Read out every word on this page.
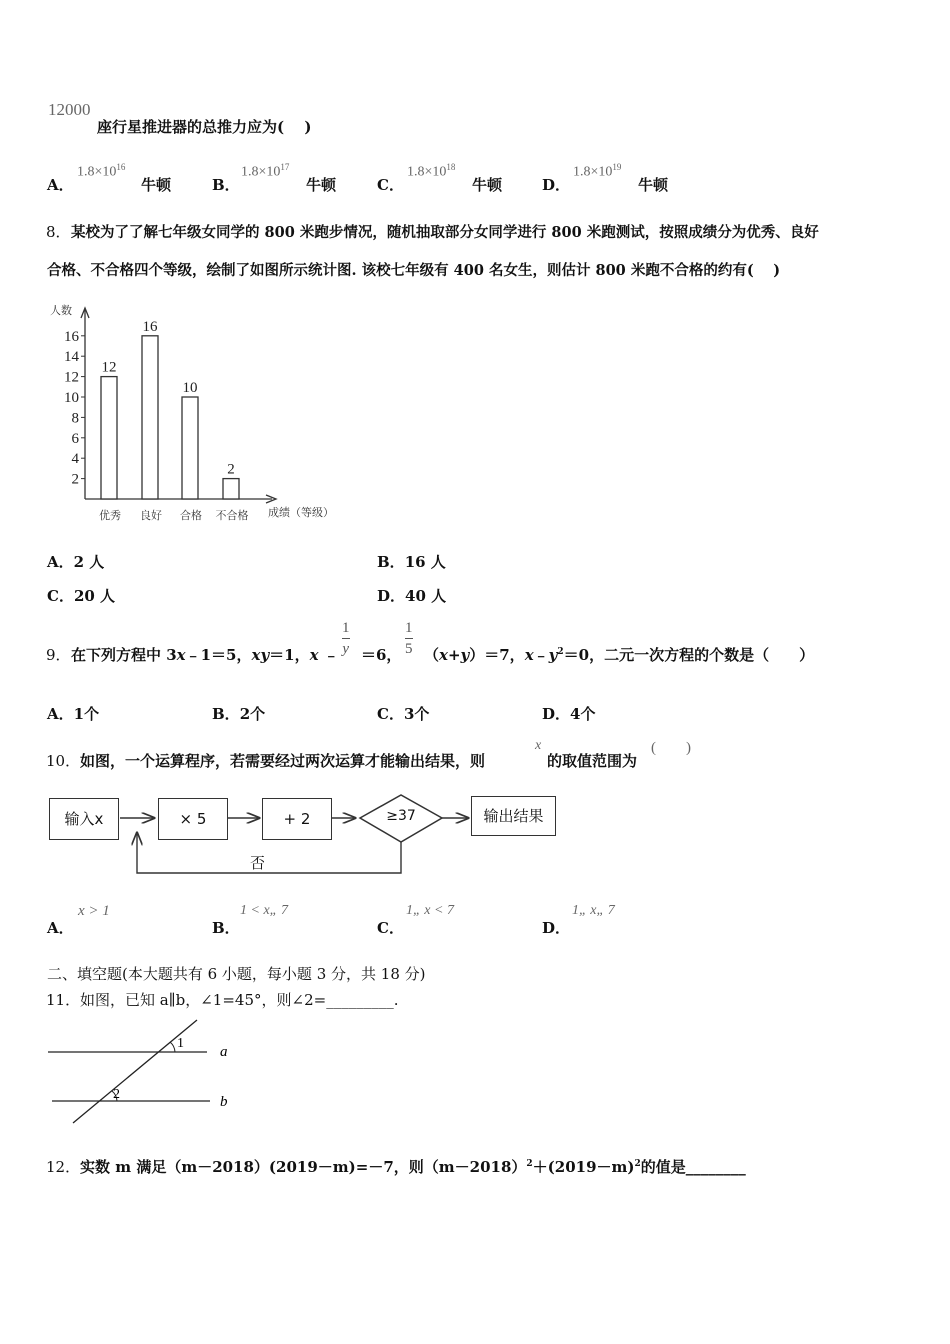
12000
座行星推进器的总推力应为(　 )
A．
$1.8\times 10^{16}$
牛顿	B．
$1.8\times 10^{17}$
牛顿	C．
$1.8\times 10^{18}$
牛顿	D．
$1.8\times 10^{19}$
牛顿
8． 某校为了了解七年级女同学的 800 米跑步情况，随机抽取部分女同学进行 800 米跑测试，按照成绩分为优秀、良好
合格、不合格四个等级，绘制了如图所示统计图. 该校七年级有 400 名女生，则估计 800 米跑不合格的约有(　 )
人数
成绩（等级）
2
4
6
8
10
12
14
16
12
优秀
16
良好
10
合格
2
不合格
A．2 人	B．16 人
C．20 人	D．40 人
9． 在下列方程中 3x﹣1＝5，xy＝1，x ﹣ $\frac{1}{y} =6$， $\frac{1}{5} (x+y)=7$，$x﹣y^2=0$，二元一次方程的个数是（　　）
A．1个	B．2个	C．3个	D．4个
10． 如图，一个运算程序，若需要经过两次运算才能输出结果，则
x
的取值范围为
(　　)
输入x	× 5	+ 2	≥37	输出结果
否
A．
x > 1
B．
1 < x„ 7
C．
1„ x < 7
D．
1„ x„ 7
二、填空题(本大题共有 6 小题，每小题 3 分，共 18 分)
11． 如图，已知 a∥b，∠1=45°，则∠2=_________.
1
2
a
b
12． 实数 m 满足（m－2018）(2019－m)=－7，则$(m-2018)^2+(2019-m)^2$的值是________
